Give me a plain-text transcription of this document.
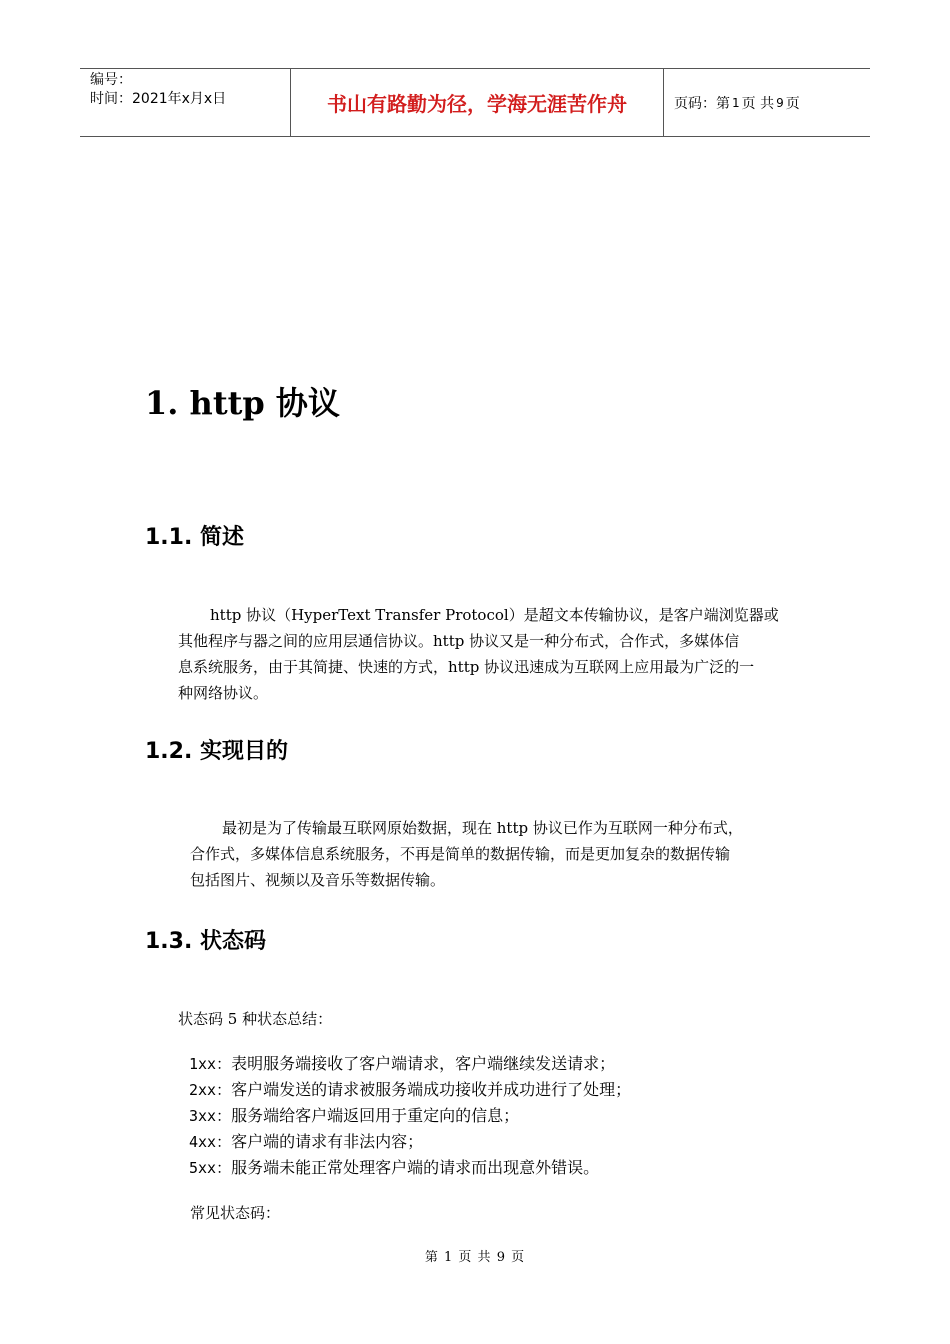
编号：
时间：2021年x月x日	书山有路勤为径，学海无涯苦作舟	页码：第 1 页 共 9 页
1. http 协议
1.1. 简述
http 协议（HyperText Transfer Protocol）是超文本传输协议，是客户端浏览器或
其他程序与器之间的应用层通信协议。http 协议又是一种分布式，合作式，多媒体信
息系统服务，由于其简捷、快速的方式，http 协议迅速成为互联网上应用最为广泛的一
种网络协议。
1.2. 实现目的
最初是为了传输最互联网原始数据，现在 http 协议已作为互联网一种分布式，
合作式，多媒体信息系统服务，不再是简单的数据传输，而是更加复杂的数据传输
包括图片、视频以及音乐等数据传输。
1.3. 状态码

状态码 5 种状态总结：

1xx：表明服务端接收了客户端请求，客户端继续发送请求；
2xx：客户端发送的请求被服务端成功接收并成功进行了处理；
3xx：服务端给客户端返回用于重定向的信息；
4xx：客户端的请求有非法内容；
5xx：服务端未能正常处理客户端的请求而出现意外错误。

常见状态码：

第 1 页 共 9 页
